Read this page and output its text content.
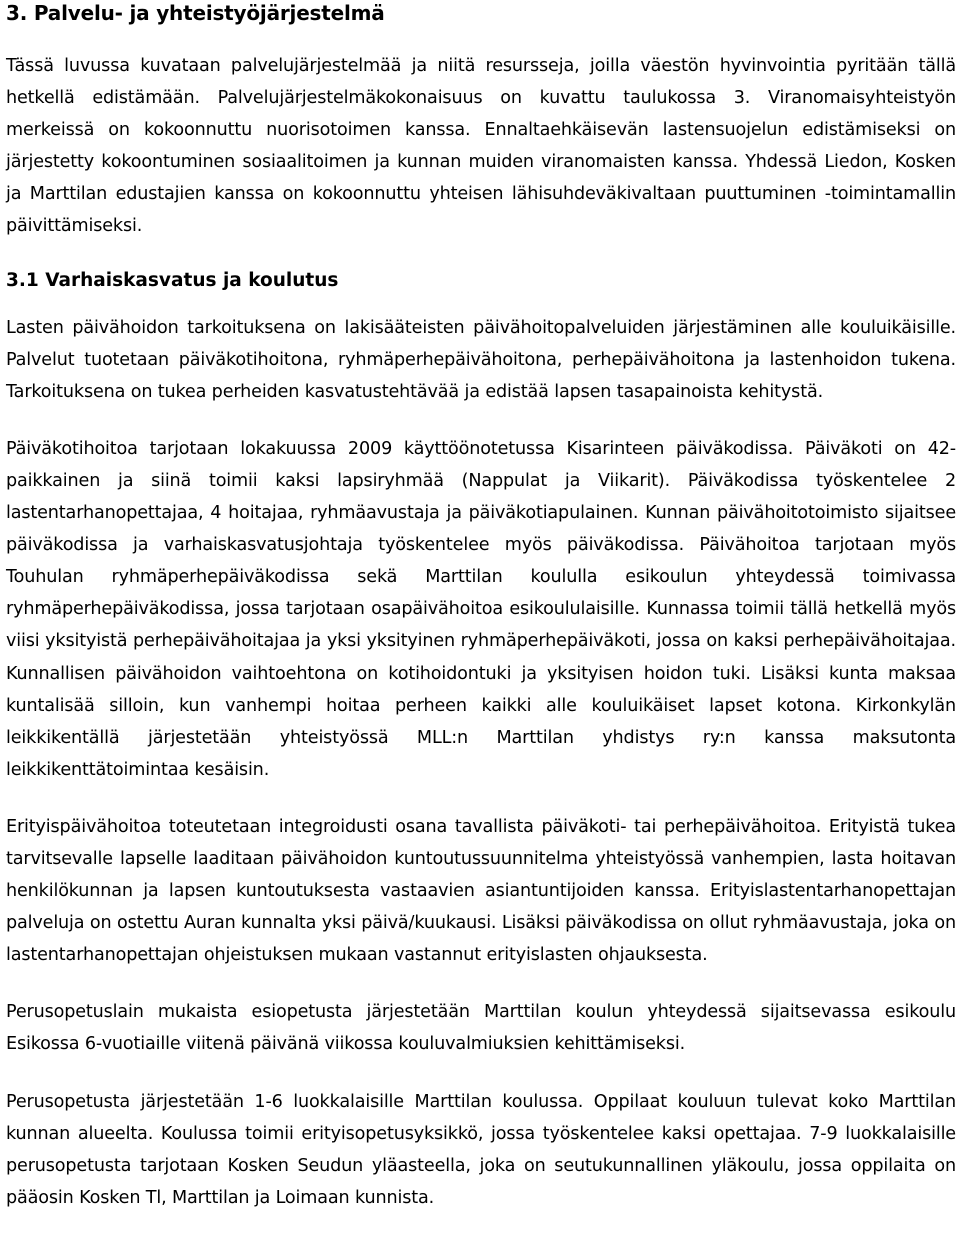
3. Palvelu- ja yhteistyöjärjestelmä

Tässä luvussa kuvataan palvelujärjestelmää ja niitä resursseja, joilla väestön hyvinvointia pyritään tällä hetkellä edistämään. Palvelujärjestelmäkokonaisuus on kuvattu taulukossa 3. Viranomaisyhteistyön merkeissä on kokoonnuttu nuorisotoimen kanssa. Ennaltaehkäisevän lastensuojelun edistämiseksi on järjestetty kokoontuminen sosiaalitoimen ja kunnan muiden viranomaisten kanssa. Yhdessä Liedon, Kosken ja Marttilan edustajien kanssa on kokoonnuttu yhteisen lähisuhdeväkivaltaan puuttuminen -toimintamallin päivittämiseksi.

3.1 Varhaiskasvatus ja koulutus

Lasten päivähoidon tarkoituksena on lakisääteisten päivähoitopalveluiden järjestäminen alle kouluikäisille. Palvelut tuotetaan päiväkotihoitona, ryhmäperhepäivähoitona, perhepäivähoitona ja lastenhoidon tukena. Tarkoituksena on tukea perheiden kasvatustehtävää ja edistää lapsen tasapainoista kehitystä.

Päiväkotihoitoa tarjotaan lokakuussa 2009 käyttöönotetussa Kisarinteen päiväkodissa. Päiväkoti on 42-paikkainen ja siinä toimii kaksi lapsiryhmää (Nappulat ja Viikarit). Päiväkodissa työskentelee 2 lastentarhanopettajaa, 4 hoitajaa, ryhmäavustaja ja päiväkotiapulainen. Kunnan päivähoitotoimisto sijaitsee päiväkodissa ja varhaiskasvatusjohtaja työskentelee myös päiväkodissa. Päivähoitoa tarjotaan myös Touhulan ryhmäperhepäiväkodissa sekä Marttilan koululla esikoulun yhteydessä toimivassa ryhmäperhepäiväkodissa, jossa tarjotaan osapäivähoitoa esikoululaisille. Kunnassa toimii tällä hetkellä myös viisi yksityistä perhepäivähoitajaa ja yksi yksityinen ryhmäperhepäiväkoti, jossa on kaksi perhepäivähoitajaa. Kunnallisen päivähoidon vaihtoehtona on kotihoidontuki ja yksityisen hoidon tuki. Lisäksi kunta maksaa kuntalisää silloin, kun vanhempi hoitaa perheen kaikki alle kouluikäiset lapset kotona. Kirkonkylän leikkikentällä järjestetään yhteistyössä MLL:n Marttilan yhdistys ry:n kanssa maksutonta leikkikenttätoimintaa kesäisin.

Erityispäivähoitoa toteutetaan integroidusti osana tavallista päiväkoti- tai perhepäivähoitoa. Erityistä tukea tarvitsevalle lapselle laaditaan päivähoidon kuntoutussuunnitelma yhteistyössä vanhempien, lasta hoitavan henkilökunnan ja lapsen kuntoutuksesta vastaavien asiantuntijoiden kanssa. Erityislastentarhanopettajan palveluja on ostettu Auran kunnalta yksi päivä/kuukausi. Lisäksi päiväkodissa on ollut ryhmäavustaja, joka on lastentarhanopettajan ohjeistuksen mukaan vastannut erityislasten ohjauksesta.

Perusopetuslain mukaista esiopetusta järjestetään Marttilan koulun yhteydessä sijaitsevassa esikoulu Esikossa 6-vuotiaille viitenä päivänä viikossa kouluvalmiuksien kehittämiseksi.

Perusopetusta järjestetään 1-6 luokkalaisille Marttilan koulussa. Oppilaat kouluun tulevat koko Marttilan kunnan alueelta. Koulussa toimii erityisopetusyksikkö, jossa työskentelee kaksi opettajaa. 7-9 luokkalaisille perusopetusta tarjotaan Kosken Seudun yläasteella, joka on seutukunnallinen yläkoulu, jossa oppilaita on pääosin Kosken Tl, Marttilan ja Loimaan kunnista.
